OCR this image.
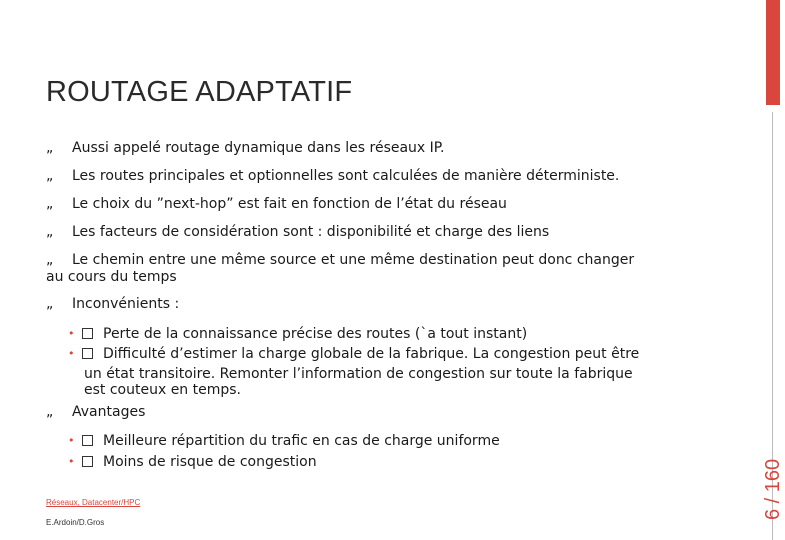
6 / 160
ROUTAGE ADAPTATIF
„ Aussi appelé routage dynamique dans les réseaux IP.
„ Les routes principales et optionnelles sont calculées de manière déterministe.
„ Le choix du ”next-hop” est fait en fonction de l’état du réseau
„ Les facteurs de considération sont : disponibilité et charge des liens
„ Le chemin entre une même source et une même destination peut donc changer
au cours du temps
„ Inconvénients :
• Perte de la connaissance précise des routes (`a tout instant)
• Difficulté d’estimer la charge globale de la fabrique. La congestion peut être
un état transitoire. Remonter l’information de congestion sur toute la fabrique
est couteux en temps.
„ Avantages
• Meilleure répartition du trafic en cas de charge uniforme
• Moins de risque de congestion
Réseaux, Datacenter/HPC
E.Ardoin/D.Gros
